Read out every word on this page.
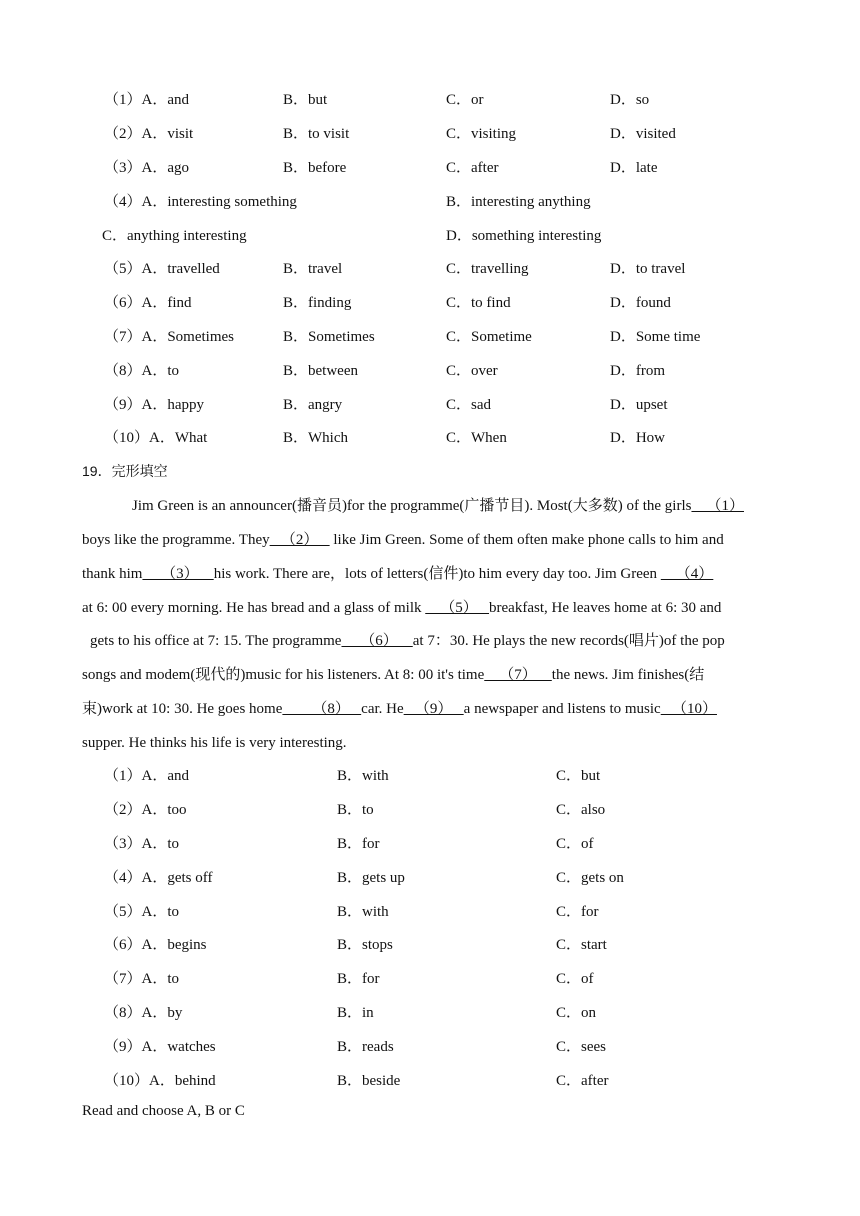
（1）A．and	B．but	C．or	D．so
（2）A．visit	B．to visit	C．visiting	D．visited
（3）A．ago	B．before	C．after	D．late
（4）A．interesting something	B．interesting anything
C．anything interesting	D．something interesting
（5）A．travelled	B．travel	C．travelling	D．to travel
（6）A．find	B．finding	C．to find	D．found
（7）A．Sometimes	B．Sometimes	C．Sometime	D．Some time
（8）A．to	B．between	C．over	D．from
（9）A．happy	B．angry	C．sad	D．upset
（10）A．What	B．Which	C．When	D．How
19．完形填空
Jim Green is an announcer(播音员)for the programme(广播节目). Most(大多数) of the girls    （1）
boys like the programme. They   （2）    like Jim Green. Some of them often make phone calls to him and
thank him     （3）    his work. There are，lots of letters(信件)to him every day too. Jim Green     （4）
at 6: 00 every morning. He has bread and a glass of milk     （5）   breakfast, He leaves home at 6: 30 and
gets to his office at 7: 15. The programme     （6）    at 7：30. He plays the new records(唱片)of the pop
songs and modem(现代的)music for his listeners. At 8: 00 it's time    （7）    the news. Jim finishes(结
束)work at 10: 30. He goes home        （8）   car. He   （9）   a newspaper and listens to music   （10）
supper. He thinks his life is very interesting.
（1）A．and	B．with	C．but
（2）A．too	B．to	C．also
（3）A．to	B．for	C．of
（4）A．gets off	B．gets up	C．gets on
（5）A．to	B．with	C．for
（6）A．begins	B．stops	C．start
（7）A．to	B．for	C．of
（8）A．by	B．in	C．on
（9）A．watches	B．reads	C．sees
（10）A．behind	B．beside	C．after
Read and choose A, B or C
